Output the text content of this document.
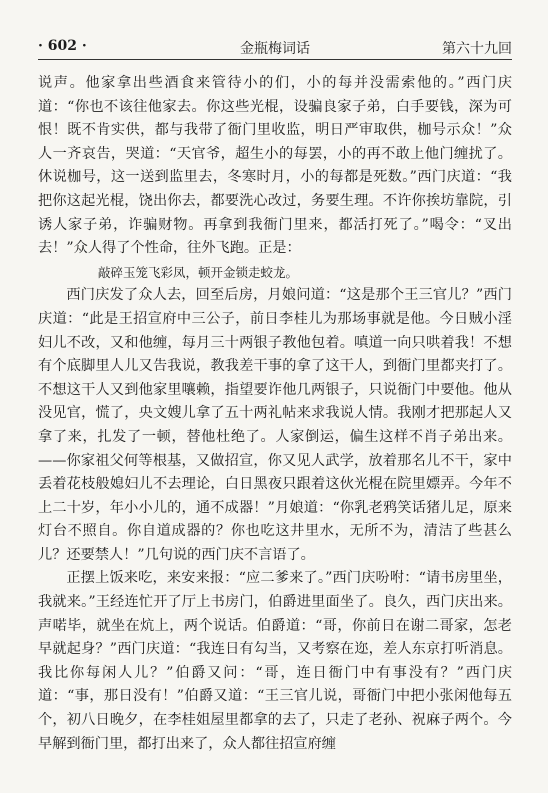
· 602 ·	金瓶梅词话	第六十九回

说声。他家拿出些酒食来管待小的们，小的每并没需索他的。”西门庆道：“你也不该往他家去。你这些光棍，设骗良家子弟，白手要钱，深为可恨！既不肯实供，都与我带了衙门里收监，明日严审取供，枷号示众！”众人一齐哀告，哭道：“天官爷，超生小的每罢，小的再不敢上他门缠扰了。休说枷号，这一送到监里去，冬寒时月，小的每都是死数。”西门庆道：“我把你这起光棍，饶出你去，都要洗心改过，务要生理。不许你挨坊靠院，引诱人家子弟，诈骗财物。再拿到我衙门里来，都活打死了。”喝令：“叉出去！”众人得了个性命，往外飞跑。正是：

敲碎玉笼飞彩凤，顿开金锁走蛟龙。

西门庆发了众人去，回至后房，月娘问道：“这是那个王三官儿？”西门庆道：“此是王招宣府中三公子，前日李桂儿为那场事就是他。今日贼小淫妇儿不改，又和他缠，每月三十两银子教他包着。嗔道一向只哄着我！不想有个底脚里人儿又告我说，教我差干事的拿了这干人，到衙门里都夹打了。不想这干人又到他家里嚷赖，指望要诈他几两银子，只说衙门中要他。他从没见官，慌了，央文嫂儿拿了五十两礼帖来求我说人情。我刚才把那起人又拿了来，扎发了一顿，替他杜绝了。人家倒运，偏生这样不肖子弟出来。——你家祖父何等根基，又做招宣，你又见人武学，放着那名儿不干，家中丢着花枝般媳妇儿不去理论，白日黑夜只跟着这伙光棍在院里嫖弄。今年不上二十岁，年小小儿的，通不成器！”月娘道：“你乳老鸦笑话猪儿足，原来灯台不照自。你自道成器的？你也吃这井里水，无所不为，清洁了些甚么儿？还要禁人！”几句说的西门庆不言语了。

正摆上饭来吃，来安来报：“应二爹来了。”西门庆吩咐：“请书房里坐，我就来。”王经连忙开了厅上书房门，伯爵进里面坐了。良久，西门庆出来。声喏毕，就坐在炕上，两个说话。伯爵道：“哥，你前日在谢二哥家，怎老早就起身？”西门庆道：“我连日有勾当，又考察在迩，差人东京打听消息。我比你每闲人儿？”伯爵又问：“哥，连日衙门中有事没有？”西门庆道：“事，那日没有！”伯爵又道：“王三官儿说，哥衙门中把小张闲他每五个，初八日晚夕，在李桂姐屋里都拿的去了，只走了老孙、祝麻子两个。今早解到衙门里，都打出来了，众人都往招宣府缠
